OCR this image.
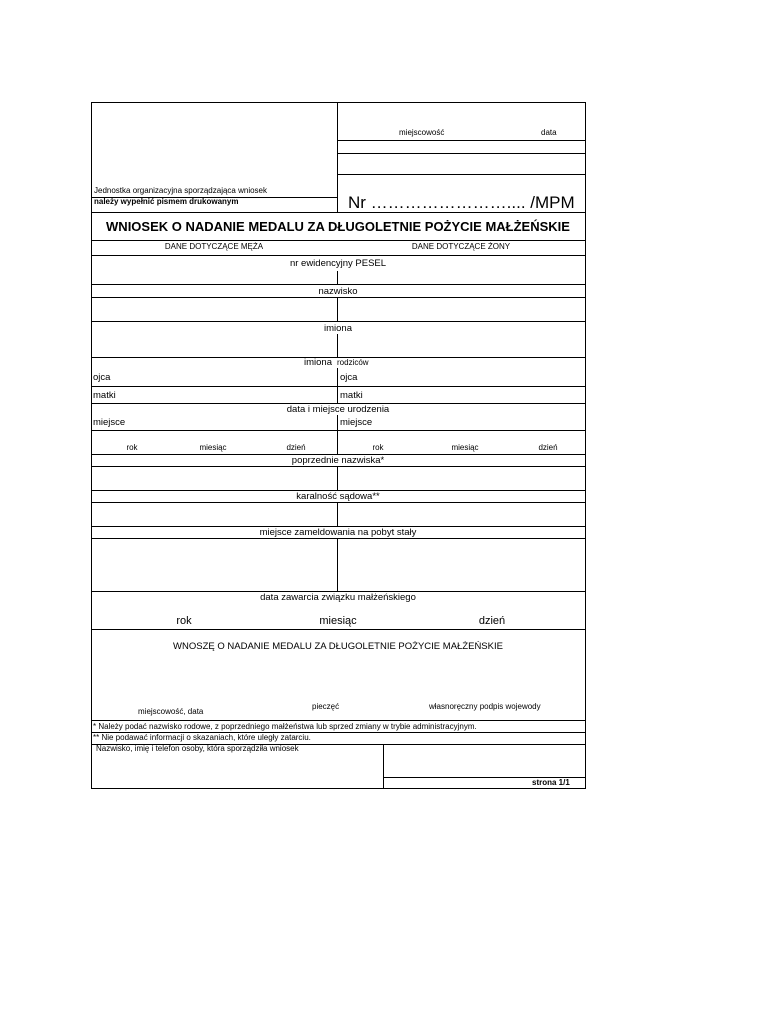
miejscowość	data
Jednostka organizacyjna sporządzająca wniosek
należy wypełnić pismem drukowanym	Nr …………………….... /MPM
WNIOSEK O NADANIE MEDALU ZA DŁUGOLETNIE POŻYCIE MAŁŻEŃSKIE
DANE DOTYCZĄCE MĘŻA	DANE DOTYCZĄCE ŻONY
nr ewidencyjny PESEL
nazwisko
imiona
imiona rodziców
ojca	ojca
matki	matki
data i miejsce urodzenia
miejsce	miejsce
rok	miesiąc	dzień	rok	miesiąc	dzień
poprzednie nazwiska*
karalność sądowa**
miejsce zameldowania na pobyt stały
data zawarcia związku małżeńskiego
rok	miesiąc	dzień
WNOSZĘ O NADANIE MEDALU ZA DŁUGOLETNIE POŻYCIE MAŁŻEŃSKIE
miejscowość, data
pieczęć	własnoręczny podpis wojewody
* Należy podać nazwisko rodowe, z poprzedniego małżeństwa lub sprzed zmiany w trybie administracyjnym.
** Nie podawać informacji o skazaniach, które uległy zatarciu.
Nazwisko, imię i telefon osoby, która sporządziła wniosek
strona 1/1
